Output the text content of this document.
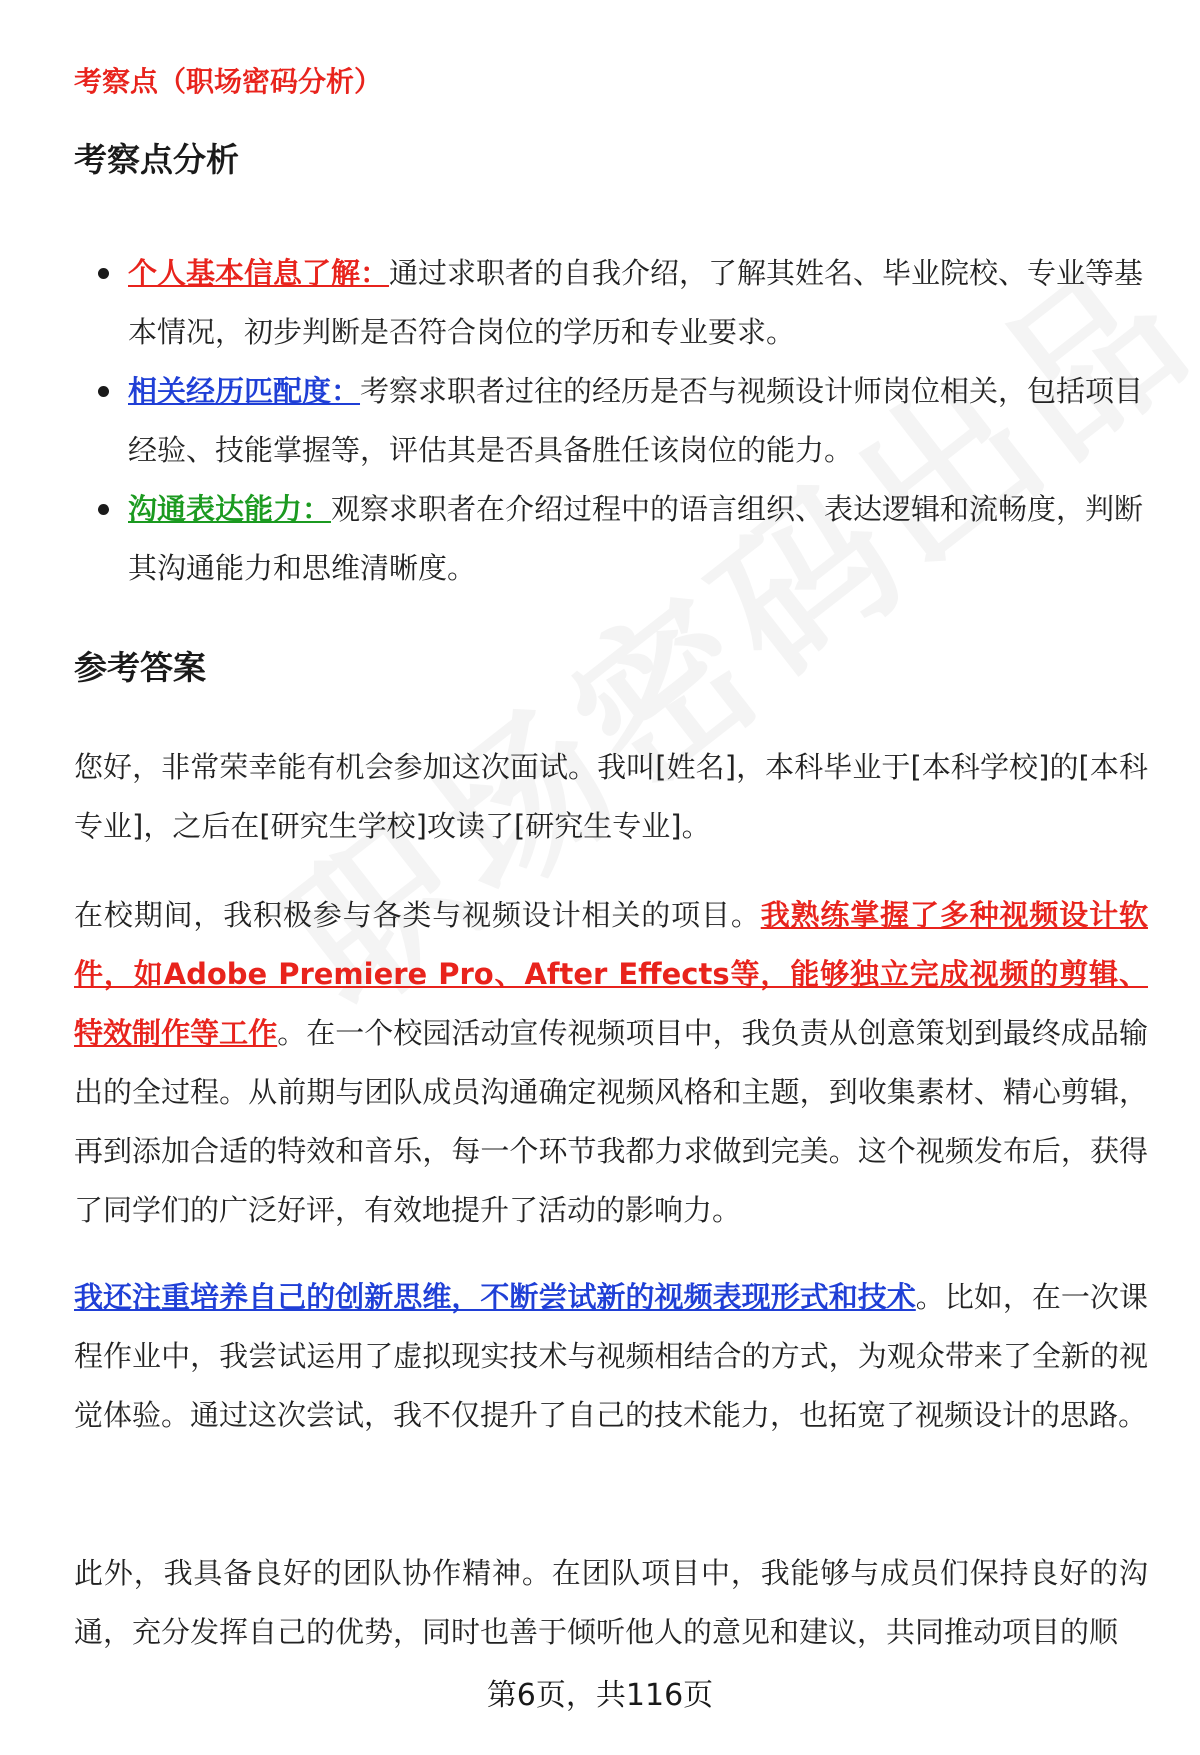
考察点（职场密码分析）

考察点分析
个人基本信息了解：通过求职者的自我介绍，了解其姓名、毕业院校、专业等基本情况，初步判断是否符合岗位的学历和专业要求。
相关经历匹配度：考察求职者过往的经历是否与视频设计师岗位相关，包括项目经验、技能掌握等，评估其是否具备胜任该岗位的能力。
沟通表达能力：观察求职者在介绍过程中的语言组织、表达逻辑和流畅度，判断其沟通能力和思维清晰度。
参考答案

您好，非常荣幸能有机会参加这次面试。我叫[姓名]，本科毕业于[本科学校]的[本科专业]，之后在[研究生学校]攻读了[研究生专业]。

在校期间，我积极参与各类与视频设计相关的项目。我熟练掌握了多种视频设计软件，如Adobe Premiere Pro、After Effects等，能够独立完成视频的剪辑、特效制作等工作。在一个校园活动宣传视频项目中，我负责从创意策划到最终成品输出的全过程。从前期与团队成员沟通确定视频风格和主题，到收集素材、精心剪辑，再到添加合适的特效和音乐，每一个环节我都力求做到完美。这个视频发布后，获得了同学们的广泛好评，有效地提升了活动的影响力。

我还注重培养自己的创新思维，不断尝试新的视频表现形式和技术。比如，在一次课程作业中，我尝试运用了虚拟现实技术与视频相结合的方式，为观众带来了全新的视觉体验。通过这次尝试，我不仅提升了自己的技术能力，也拓宽了视频设计的思路。

此外，我具备良好的团队协作精神。在团队项目中，我能够与成员们保持良好的沟通，充分发挥自己的优势，同时也善于倾听他人的意见和建议，共同推动项目的顺

第6页，共116页
